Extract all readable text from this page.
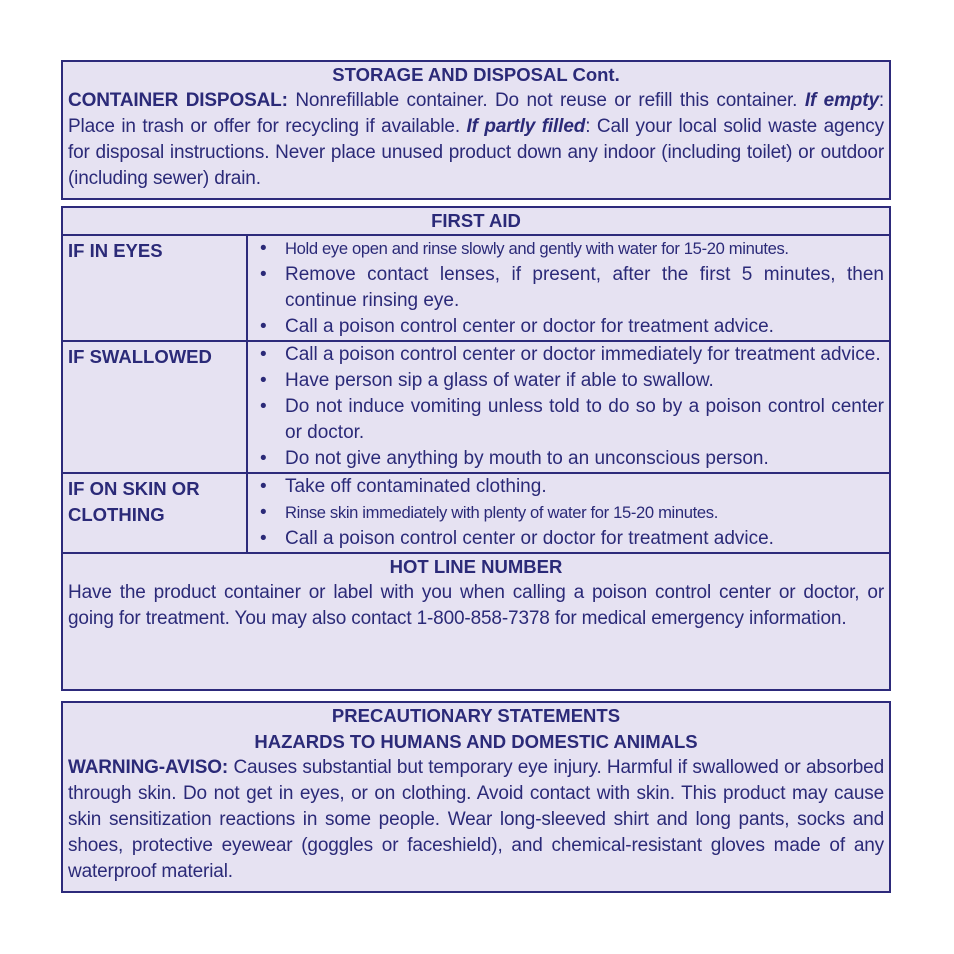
STORAGE AND DISPOSAL Cont.
CONTAINER DISPOSAL: Nonrefillable container. Do not reuse or refill this container. If empty: Place in trash or offer for recycling if available. If partly filled: Call your local solid waste agency for disposal instructions. Never place unused product down any indoor (including toilet) or outdoor (including sewer) drain.
FIRST AID
IF IN EYES	• Hold eye open and rinse slowly and gently with water for 15-20 minutes.
• Remove contact lenses, if present, after the first 5 minutes, then continue rinsing eye.
• Call a poison control center or doctor for treatment advice.
IF SWALLOWED	• Call a poison control center or doctor immediately for treatment advice.
• Have person sip a glass of water if able to swallow.
• Do not induce vomiting unless told to do so by a poison control center or doctor.
• Do not give anything by mouth to an unconscious person.
IF ON SKIN OR
CLOTHING
• Take off contaminated clothing.
• Rinse skin immediately with plenty of water for 15-20 minutes.
• Call a poison control center or doctor for treatment advice.
HOT LINE NUMBER
Have the product container or label with you when calling a poison control center or doctor, or going for treatment. You may also contact 1-800-858-7378 for medical emergency information.
PRECAUTIONARY STATEMENTS
HAZARDS TO HUMANS AND DOMESTIC ANIMALS
WARNING-AVISO: Causes substantial but temporary eye injury. Harmful if swallowed or absorbed through skin. Do not get in eyes, or on clothing. Avoid contact with skin. This product may cause skin sensitization reactions in some people. Wear long-sleeved shirt and long pants, socks and shoes, protective eyewear (goggles or faceshield), and chemical-resistant gloves made of any waterproof material.
